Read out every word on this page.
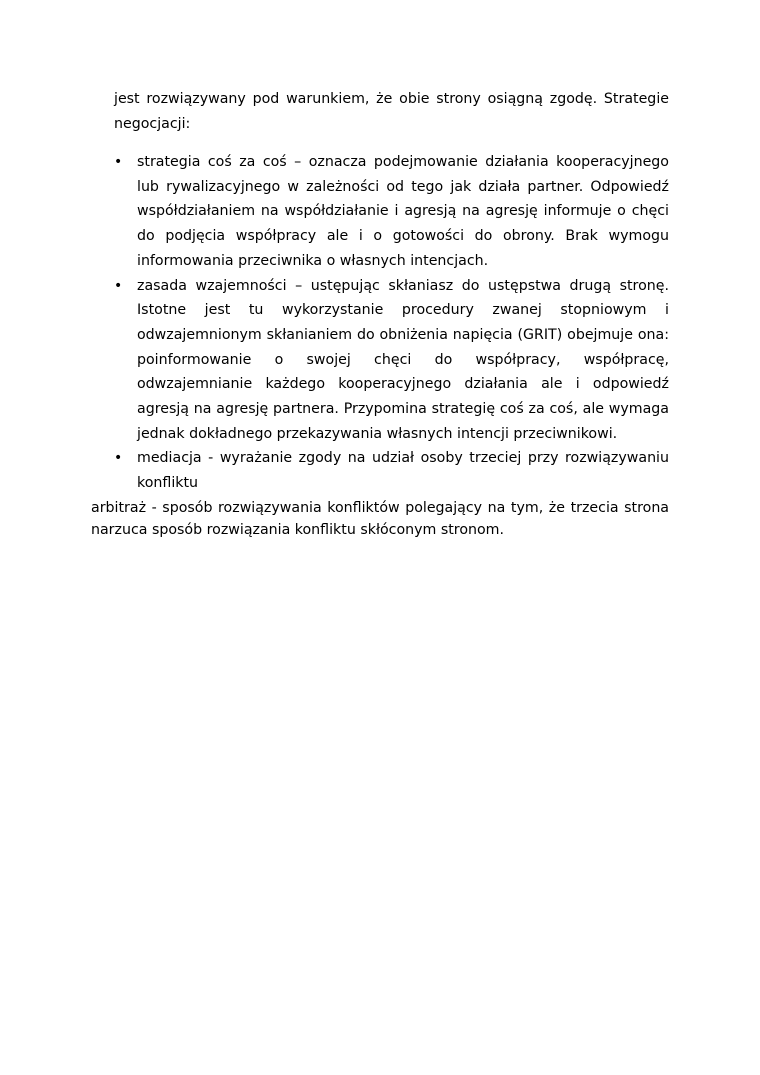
jest rozwiązywany pod warunkiem, że obie strony osiągną zgodę. Strategie negocjacji:

• strategia coś za coś – oznacza podejmowanie działania kooperacyjnego lub rywalizacyjnego w zależności od tego jak działa partner. Odpowiedź współdziałaniem na współdziałanie i agresją na agresję informuje o chęci do podjęcia współpracy ale i o gotowości do obrony. Brak wymogu informowania przeciwnika o własnych intencjach.
• zasada wzajemności – ustępując skłaniasz do ustępstwa drugą stronę. Istotne jest tu wykorzystanie procedury zwanej stopniowym i odwzajemnionym skłanianiem do obniżenia napięcia (GRIT) obejmuje ona: poinformowanie o swojej chęci do współpracy, współpracę, odwzajemnianie każdego kooperacyjnego działania ale i odpowiedź agresją na agresję partnera. Przypomina strategię coś za coś, ale wymaga jednak dokładnego przekazywania własnych intencji przeciwnikowi.
• mediacja - wyrażanie zgody na udział osoby trzeciej przy rozwiązywaniu konfliktu

arbitraż - sposób rozwiązywania konfliktów polegający na tym, że trzecia strona narzuca sposób rozwiązania konfliktu skłóconym stronom.
